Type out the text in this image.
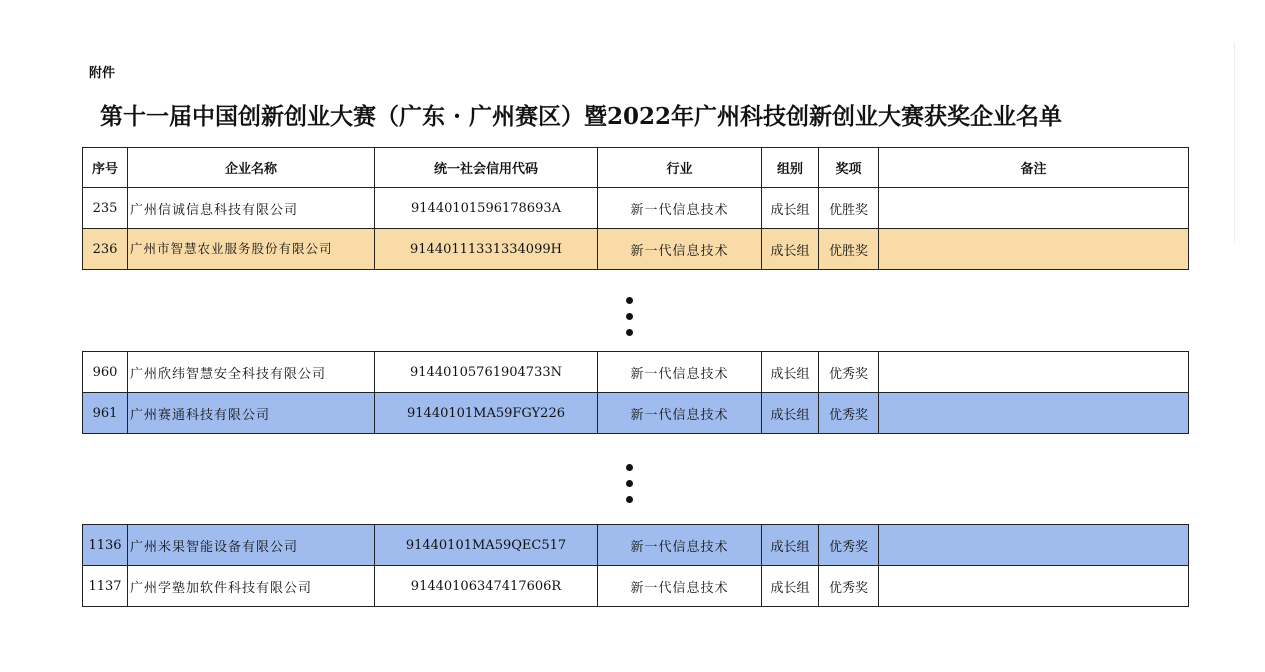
附件
第十一届中国创新创业大赛（广东 · 广州赛区）暨2022年广州科技创新创业大赛获奖企业名单
序号	企业名称	统一社会信用代码	行业	组别	奖项	备注
235	广州信诚信息科技有限公司	91440101596178693A	新一代信息技术	成长组	优胜奖	
236	广州市智慧农业服务股份有限公司	91440111331334099H	新一代信息技术	成长组	优胜奖	
960	广州欣纬智慧安全科技有限公司	91440105761904733N	新一代信息技术	成长组	优秀奖	
961	广州赛通科技有限公司	91440101MA59FGY226	新一代信息技术	成长组	优秀奖	
1136	广州米果智能设备有限公司	91440101MA59QEC517	新一代信息技术	成长组	优秀奖	
1137	广州学塾加软件科技有限公司	91440106347417606R	新一代信息技术	成长组	优秀奖	
